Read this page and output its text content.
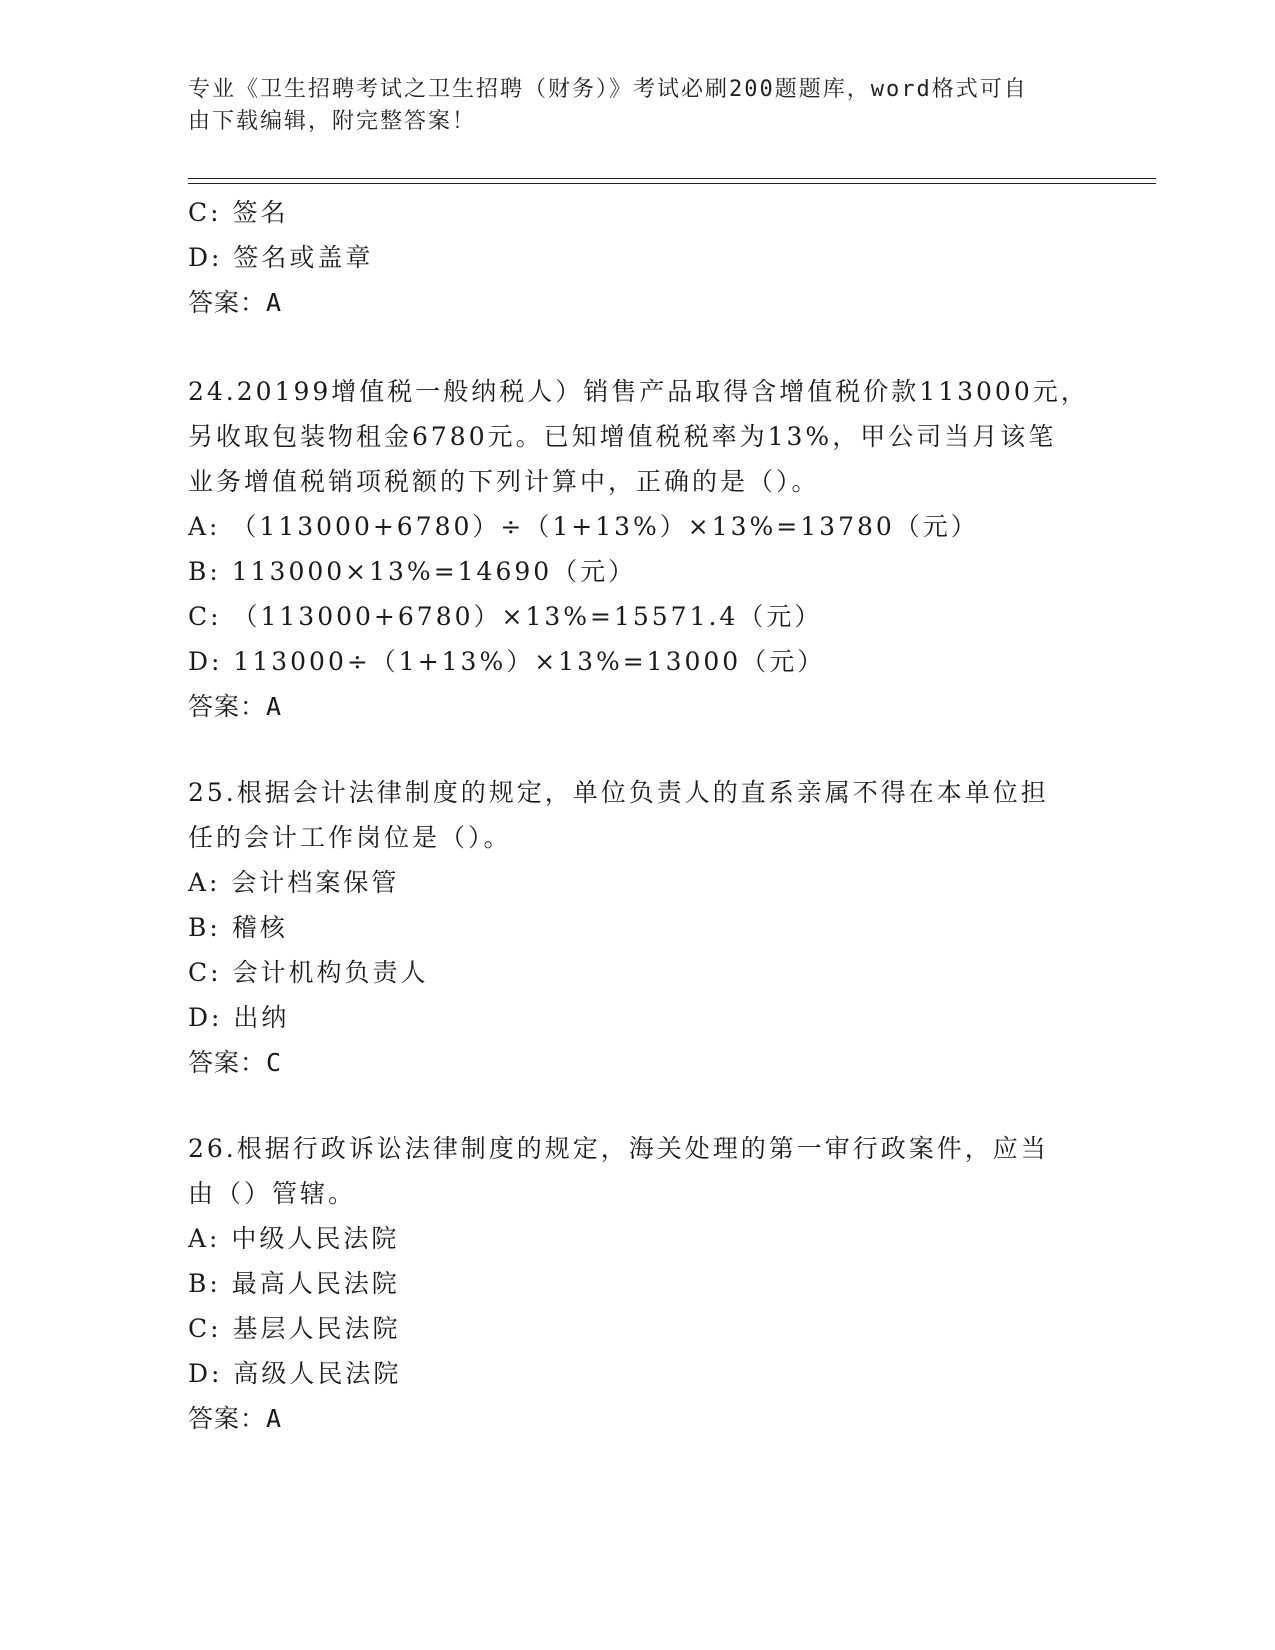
专业《卫生招聘考试之卫生招聘（财务）》考试必刷200题题库，word格式可自
由下载编辑，附完整答案！
C: 签名
D: 签名或盖章
答案：A
24.20199增值税一般纳税人）销售产品取得含增值税价款113000元，
另收取包装物租金6780元。已知增值税税率为13%，甲公司当月该笔
业务增值税销项税额的下列计算中，正确的是（）。
A: （113000+6780）÷（1+13%）×13%=13780（元）
B: 113000×13%=14690（元）
C: （113000+6780）×13%=15571.4（元）
D: 113000÷（1+13%）×13%=13000（元）
答案：A
25.根据会计法律制度的规定，单位负责人的直系亲属不得在本单位担
任的会计工作岗位是（）。
A: 会计档案保管
B: 稽核
C: 会计机构负责人
D: 出纳
答案：C
26.根据行政诉讼法律制度的规定，海关处理的第一审行政案件，应当
由（）管辖。
A: 中级人民法院
B: 最高人民法院
C: 基层人民法院
D: 高级人民法院
答案：A
